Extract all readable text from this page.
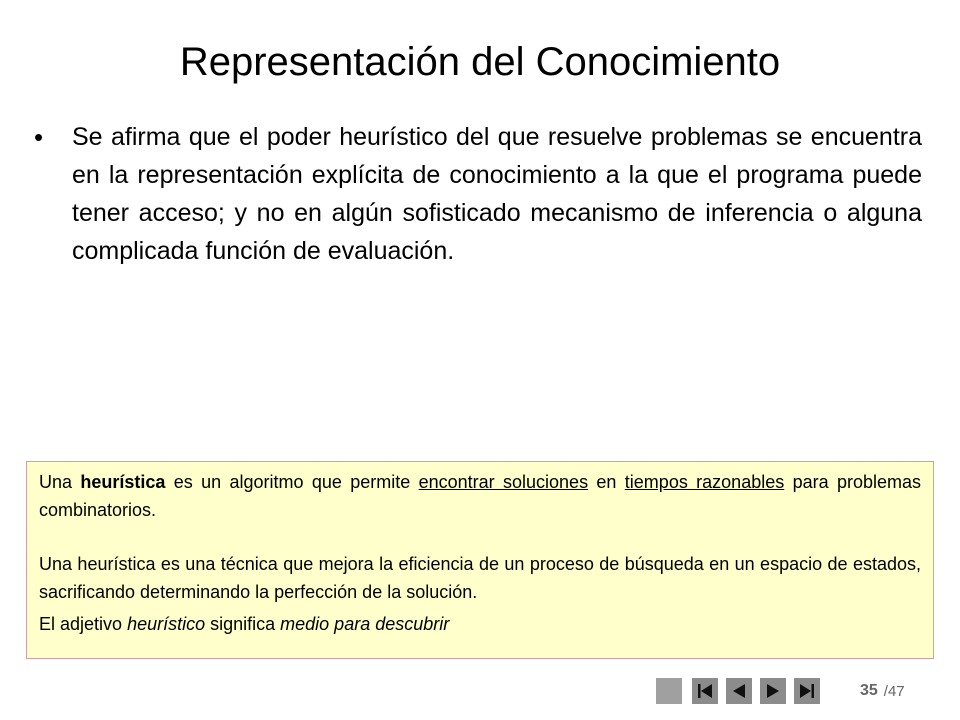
Representación del Conocimiento
•	Se afirma que el poder heurístico del que resuelve problemas se encuentra en la representación explícita de conocimiento a la que el programa puede tener acceso; y no en algún sofisticado mecanismo de inferencia o alguna complicada función de evaluación.

Una heurística es un algoritmo que permite encontrar soluciones en tiempos razonables para problemas combinatorios.

Una heurística es una técnica que mejora la eficiencia de un proceso de búsqueda en un espacio de estados, sacrificando determinando la perfección de la solución.

El adjetivo heurístico significa medio para descubrir

35 /47
